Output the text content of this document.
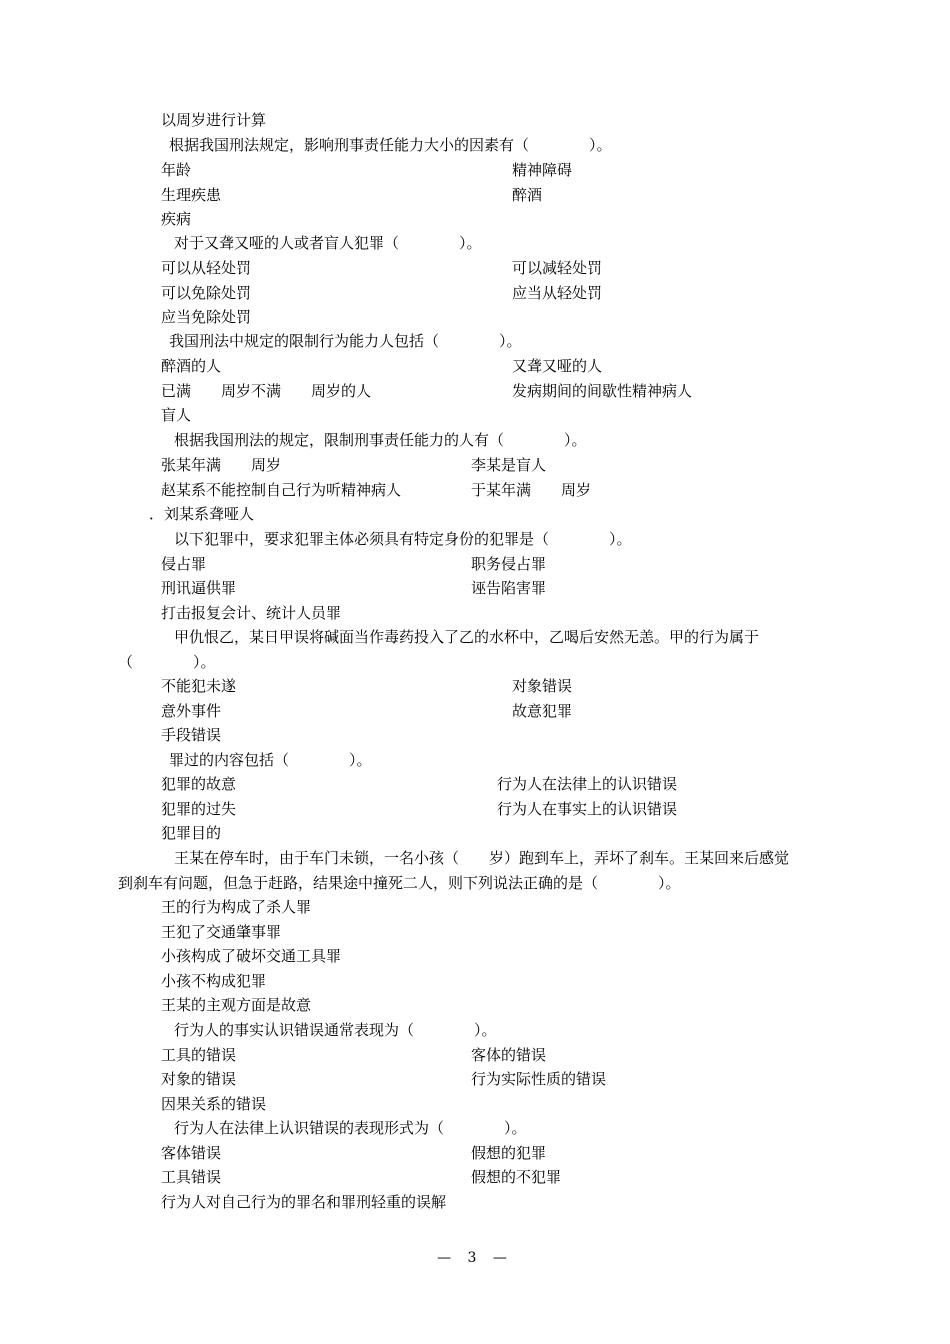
以周岁进行计算
根据我国刑法规定，影响刑事责任能力大小的因素有（　　　　）。
年龄	精神障碍
生理疾患	醉酒
疾病
对于又聋又哑的人或者盲人犯罪（　　　　）。
可以从轻处罚	可以减轻处罚
可以免除处罚	应当从轻处罚
应当免除处罚
我国刑法中规定的限制行为能力人包括（　　　　）。
醉酒的人	又聋又哑的人
已满　　周岁不满　　周岁的人	发病期间的间歇性精神病人
盲人
根据我国刑法的规定，限制刑事责任能力的人有（　　　　）。
张某年满　　周岁	李某是盲人
赵某系不能控制自己行为听精神病人	于某年满　　周岁
．刘某系聋哑人
以下犯罪中，要求犯罪主体必须具有特定身份的犯罪是（　　　　）。
侵占罪	职务侵占罪
刑讯逼供罪	诬告陷害罪
打击报复会计、统计人员罪
甲仇恨乙，某日甲误将碱面当作毒药投入了乙的水杯中，乙喝后安然无恙。甲的行为属于
（　　　　）。
不能犯未遂	对象错误
意外事件	故意犯罪
手段错误
罪过的内容包括（　　　　）。
犯罪的故意	行为人在法律上的认识错误
犯罪的过失	行为人在事实上的认识错误
犯罪目的
王某在停车时，由于车门未锁，一名小孩（　　岁）跑到车上，弄坏了刹车。王某回来后感觉
到刹车有问题，但急于赶路，结果途中撞死二人，则下列说法正确的是（　　　　）。
王的行为构成了杀人罪
王犯了交通肇事罪
小孩构成了破坏交通工具罪
小孩不构成犯罪
王某的主观方面是故意
行为人的事实认识错误通常表现为（　　　　）。
工具的错误	客体的错误
对象的错误	行为实际性质的错误
因果关系的错误
行为人在法律上认识错误的表现形式为（　　　　）。
客体错误	假想的犯罪
工具错误	假想的不犯罪
行为人对自己行为的罪名和罪刑轻重的误解
— 3 —
